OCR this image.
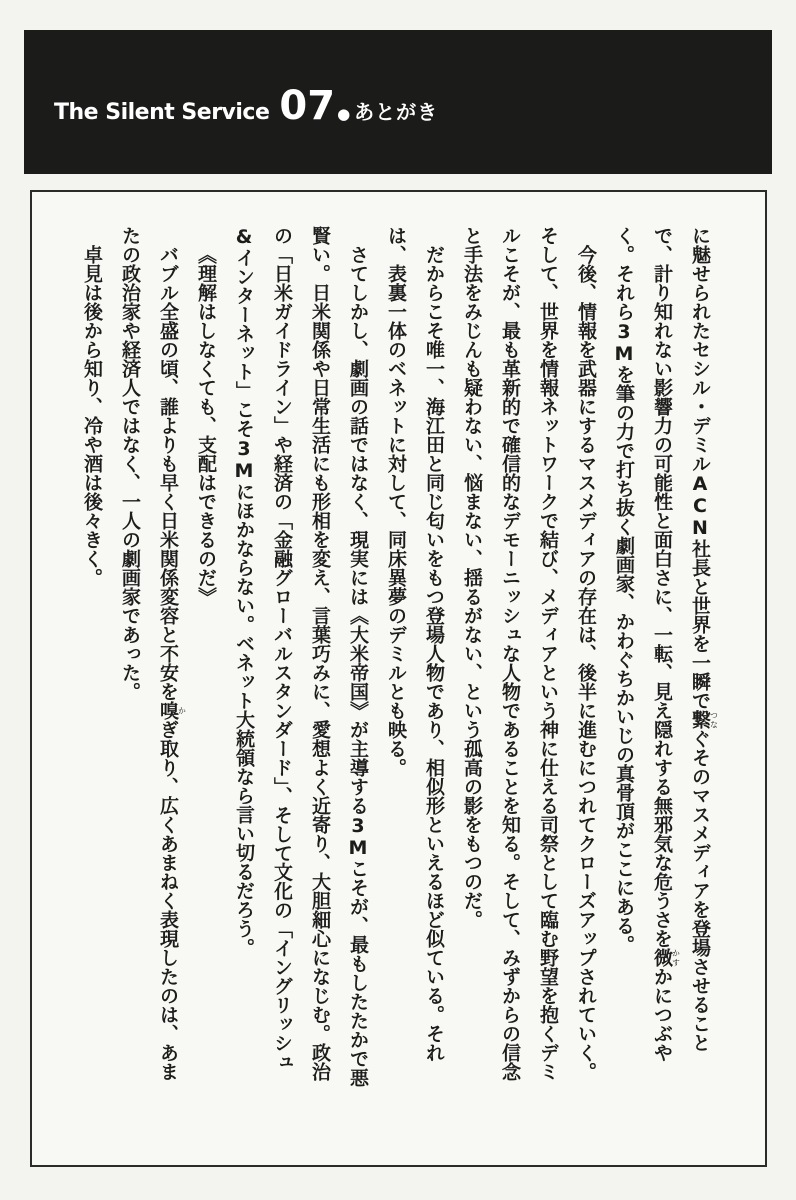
The Silent Service 07 ● あとがき

に魅せられたセシル・デミルACN社長と世界を一瞬で繋つなぐそのマスメディアを登場させることで、計り知れない影響力の可能性と面白さに、一転、見え隠れする無邪気な危うさを微かすかにつぶやく。それら3Mを筆の力で打ち抜く劇画家、かわぐちかいじの真骨頂がここにある。

今後、情報を武器にするマスメディアの存在は、後半に進むにつれてクローズアップされていく。そして、世界を情報ネットワークで結び、メディアという神に仕える司祭として臨む野望を抱くデミルこそが、最も革新的で確信的なデモーニッシュな人物であることを知る。そして、みずからの信念と手法をみじんも疑わない、悩まない、揺るがない、という孤高の影をもつのだ。

だからこそ唯一、海江田と同じ匂いをもつ登場人物であり、相似形といえるほど似ている。それは、表裏一体のベネットに対して、同床異夢のデミルとも映る。

さてしかし、劇画の話ではなく、現実には《大米帝国》が主導する3Mこそが、最もしたたかで悪賢い。日米関係や日常生活にも形相を変え、言葉巧みに、愛想よく近寄り、大胆細心になじむ。政治の「日米ガイドライン」や経済の「金融グローバルスタンダード」、そして文化の「イングリッシュ&インターネット」こそ3Mにほかならない。ベネット大統領なら言い切るだろう。

《理解はしなくても、支配はできるのだ》

バブル全盛の頃、誰よりも早く日米関係変容と不安を嗅かぎ取り、広くあまねく表現したのは、あまたの政治家や経済人ではなく、一人の劇画家であった。

卓見は後から知り、冷や酒は後々きく。
